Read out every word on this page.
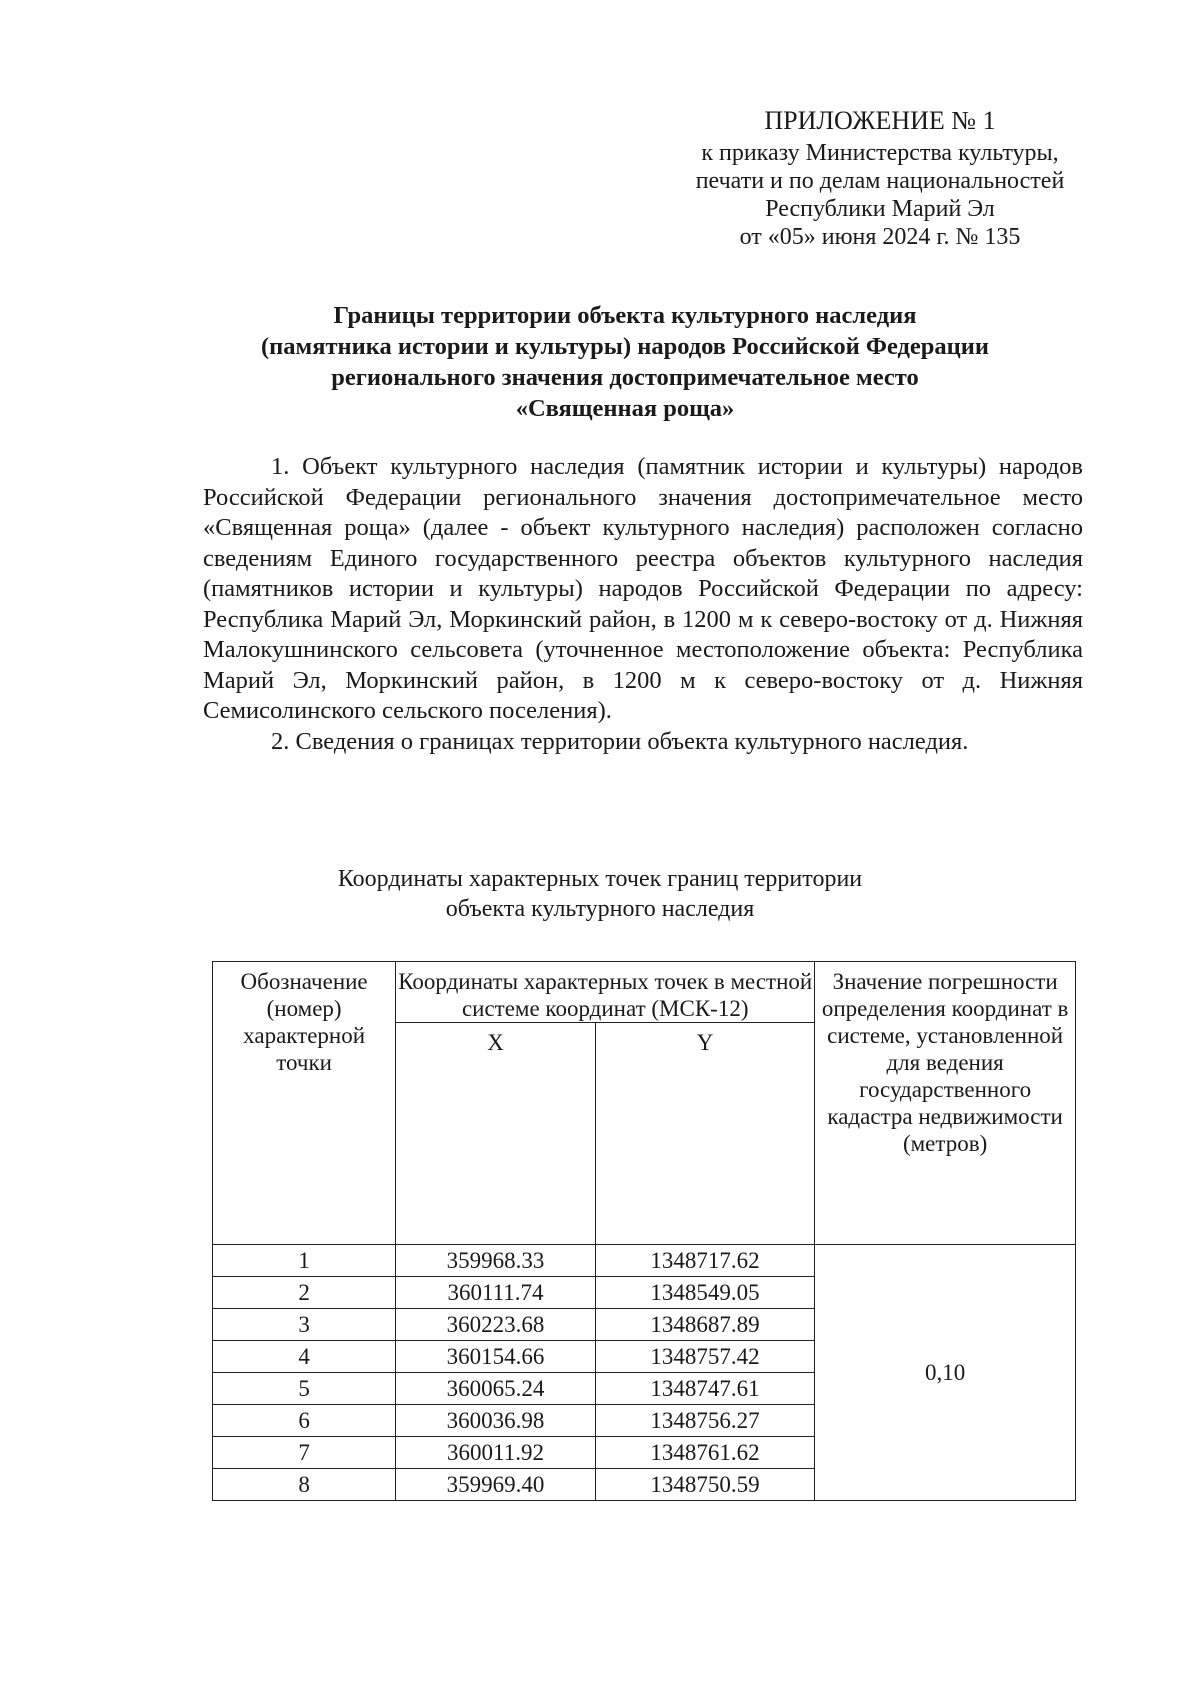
ПРИЛОЖЕНИЕ № 1
к приказу Министерства культуры,
печати и по делам национальностей
Республики Марий Эл
от «05» июня 2024 г. № 135
Границы территории объекта культурного наследия
(памятника истории и культуры) народов Российской Федерации
регионального значения достопримечательное место
«Священная роща»

1. Объект культурного наследия (памятник истории и культуры) народов Российской Федерации регионального значения достопримечательное место «Священная роща» (далее - объект культурного наследия) расположен согласно сведениям Единого государственного реестра объектов культурного наследия (памятников истории и культуры) народов Российской Федерации по адресу: Республика Марий Эл, Моркинский район, в 1200 м к северо-востоку от д. Нижняя Малокушнинского сельсовета (уточненное местоположение объекта: Республика Марий Эл, Моркинский район, в 1200 м к северо-востоку от д. Нижняя Семисолинского сельского поселения).

2. Сведения о границах территории объекта культурного наследия.

Координаты характерных точек границ территории
объекта культурного наследия
Обозначение (номер) характерной точки	Координаты характерных точек в местной системе координат (МСК-12)		Значение погрешности определения координат в системе, установленной для ведения государственного кадастра недвижимости (метров)
	X	Y	
1	359968.33	1348717.62	0,10
2	360111.74	1348549.05	
3	360223.68	1348687.89	
4	360154.66	1348757.42	
5	360065.24	1348747.61	
6	360036.98	1348756.27	
7	360011.92	1348761.62	
8	359969.40	1348750.59	
